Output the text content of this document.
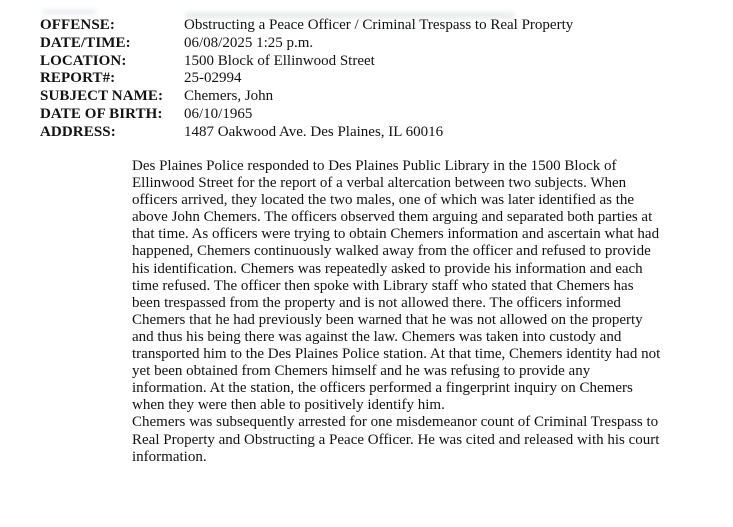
OFFENSE:	Obstructing a Peace Officer / Criminal Trespass to Real Property
DATE/TIME:	06/08/2025 1:25 p.m.
LOCATION:	1500 Block of Ellinwood Street
REPORT#:	25-02994
SUBJECT NAME:	Chemers, John
DATE OF BIRTH:	06/10/1965
ADDRESS:	1487 Oakwood Ave. Des Plaines, IL 60016
Des Plaines Police responded to Des Plaines Public Library in the 1500 Block of
Ellinwood Street for the report of a verbal altercation between two subjects. When
officers arrived, they located the two males, one of which was later identified as the
above John Chemers. The officers observed them arguing and separated both parties at
that time. As officers were trying to obtain Chemers information and ascertain what had
happened, Chemers continuously walked away from the officer and refused to provide
his identification. Chemers was repeatedly asked to provide his information and each
time refused. The officer then spoke with Library staff who stated that Chemers has
been trespassed from the property and is not allowed there. The officers informed
Chemers that he had previously been warned that he was not allowed on the property
and thus his being there was against the law. Chemers was taken into custody and
transported him to the Des Plaines Police station. At that time, Chemers identity had not
yet been obtained from Chemers himself and he was refusing to provide any
information. At the station, the officers performed a fingerprint inquiry on Chemers
when they were then able to positively identify him.
Chemers was subsequently arrested for one misdemeanor count of Criminal Trespass to
Real Property and Obstructing a Peace Officer. He was cited and released with his court
information.
